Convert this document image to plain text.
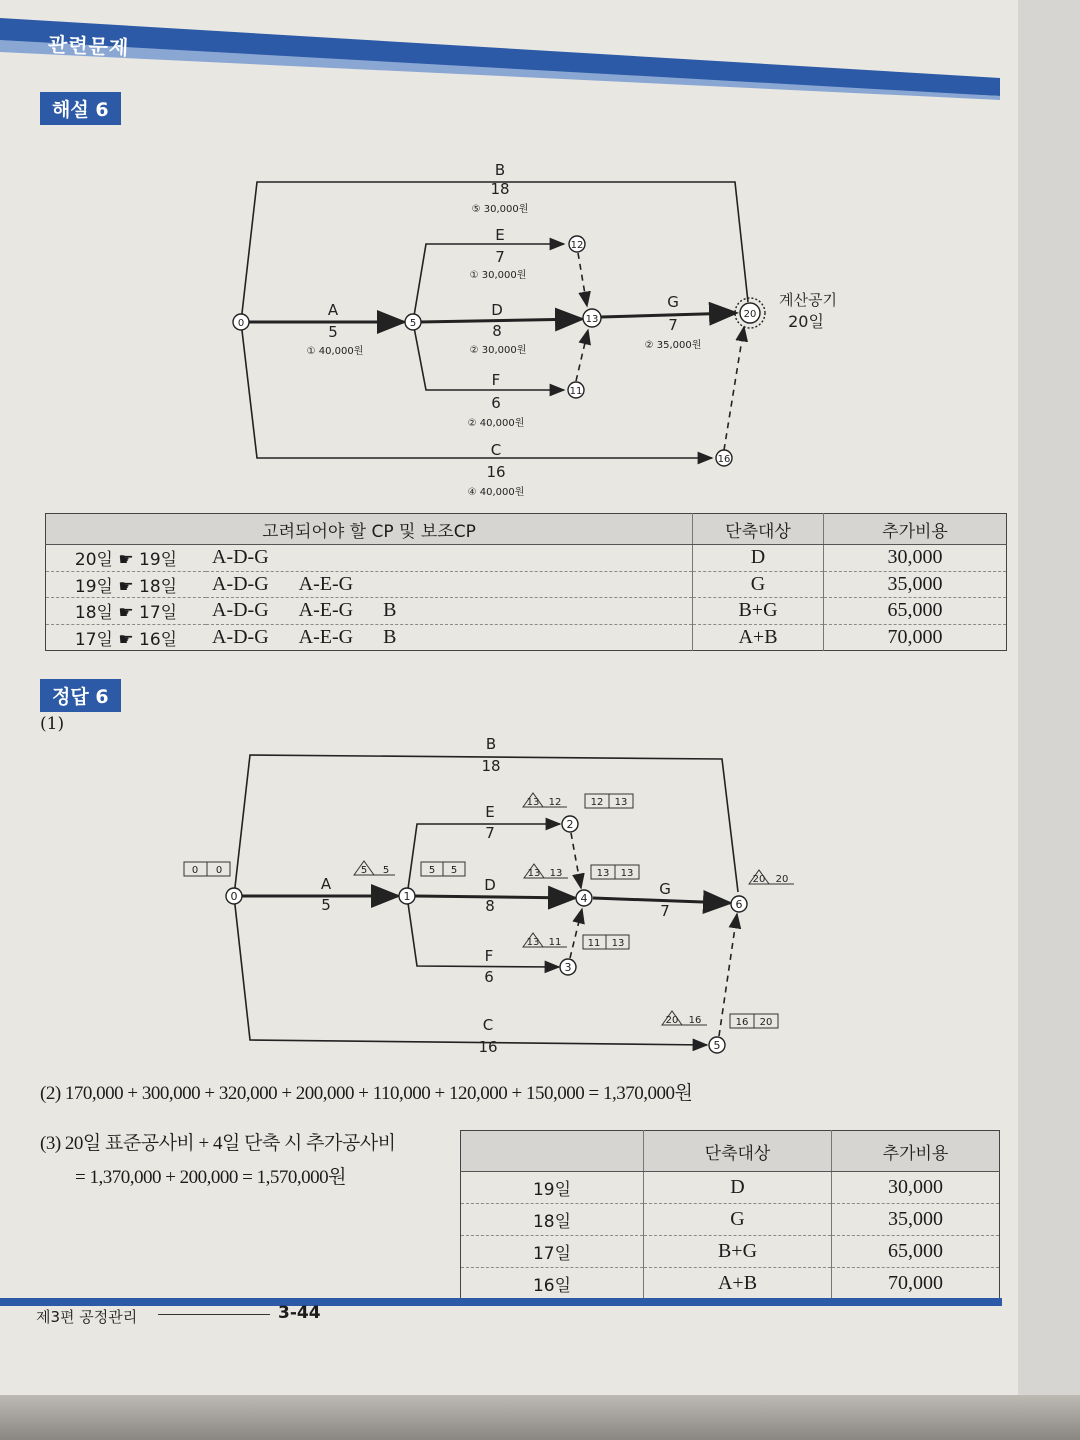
관련문제
해설 6
0	5
12
13
11
16
20
B
18
E
7
A
5
D
8
G
7
F
6
C
16
⑤ 30,000원
① 30,000원
① 40,000원	② 30,000원	② 35,000원
② 40,000원
④ 40,000원
계산공기
20일
고려되어야 할 CP 및 보조CP		단축대상	추가비용
20일 ☛ 19일	A-D-G	D	30,000
19일 ☛ 18일	A-D-G A-E-G	G	35,000
18일 ☛ 17일	A-D-G A-E-G B	B+G	65,000
17일 ☛ 16일	A-D-G A-E-G B	A+B	70,000
정답 6
(1)
0	1
2
3
4
5
6
B
18
E
7
A
5
D
8
G
7
F
6
C
16
0 0	5 5	5 5
13 12	12 13
13 13	13 13
13 11	11 13
20 20
20 16	16 20
(2) 170,000 + 300,000 + 320,000 + 200,000 + 110,000 + 120,000 + 150,000 = 1,370,000원
(3) 20일 표준공사비 + 4일 단축 시 추가공사비
= 1,370,000 + 200,000 = 1,570,000원
	단축대상	추가비용
19일	D	30,000
18일	G	35,000
17일	B+G	65,000
16일	A+B	70,000
제3편 공정관리	3-44
